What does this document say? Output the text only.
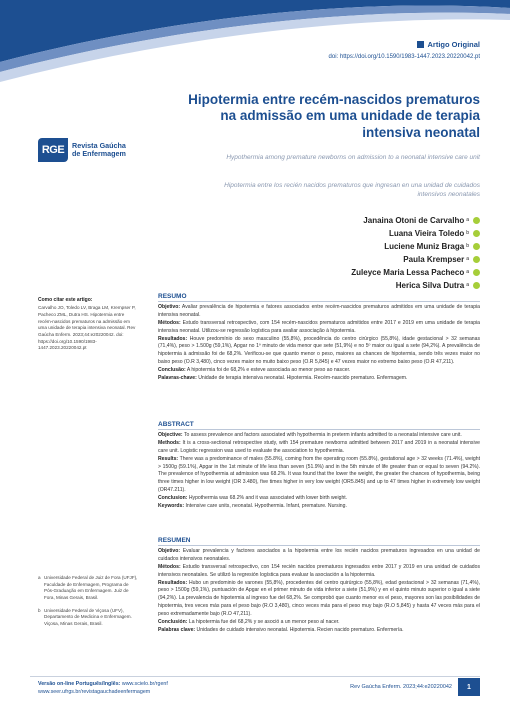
Artigo Original
doi: https://doi.org/10.1590/1983-1447.2023.20220042.pt
Hipotermia entre recém-nascidos prematuros na admissão em uma unidade de terapia intensiva neonatal
RGE	Revista Gaúcha
de Enfermagem	Hypothermia among premature newborns on admission to a neonatal intensive care unit
Hipotermia entre los recién nacidos prematuros que ingresan en una unidad de cuidados intensivos neonatales
Janaina Otoni de Carvalho a
Luana Vieira Toledo b
Luciene Muniz Braga b
Paula Krempser a
Zuleyce Maria Lessa Pacheco a
Herica Silva Dutra a
Como citar este artigo:
Carvalho JO, Toledo LV, Braga LM, Krempser P, Pacheco ZML, Dutra HS. Hipotermia entre recém-nascidos prematuros na admissão em uma unidade de terapia intensiva neonatal. Rev Gaúcha Enferm. 2023;44:e20220042. doi: https://doi.org/10.1590/1983-1447.2023.20220042.pt
a Universidade Federal de Juiz de Fora (UFJF), Faculdade de Enfermagem, Programa de Pós-Graduação em Enfermagem. Juiz de Fora, Minas Gerais, Brasil.
b Universidade Federal de Viçosa (UFV), Departamento de Medicina e Enfermagem. Viçosa, Minas Gerais, Brasil.
RESUMO

Objetivo: Avaliar prevalência de hipotermia e fatores associados entre recém-nascidos prematuros admitidos em uma unidade de terapia intensiva neonatal.

Métodos: Estudo transversal retrospectivo, com 154 recém-nascidos prematuros admitidos entre 2017 e 2019 em uma unidade de terapia intensiva neonatal. Utilizou-se regressão logística para avaliar associação à hipotermia.

Resultados: Houve predomínio do sexo masculino (55,8%), procedência do centro cirúrgico (55,8%), idade gestacional > 32 semanas (71,4%), peso > 1.500g (59,1%), Apgar no 1º minuto de vida menor que sete (51,9%) e no 5º maior ou igual a sete (94,2%). A prevalência de hipotermia à admissão foi de 68,2%. Verificou-se que quanto menor o peso, maiores as chances de hipotermia, sendo três vezes maior no baixo peso (O.R 3,480), cinco vezes maior no muito baixo peso (O.R 5,845) e 47 vezes maior no extremo baixo peso (O.R 47,211).

Conclusão: A hipotermia foi de 68,2% e esteve associada ao menor peso ao nascer.

Palavras-chave: Unidade de terapia intensiva neonatal. Hipotermia. Recém-nascido prematuro. Enfermagem.

ABSTRACT

Objective: To assess prevalence and factors associated with hypothermia in preterm infants admitted to a neonatal intensive care unit.

Methods: It is a cross-sectional retrospective study, with 154 premature newborns admitted between 2017 and 2019 in a neonatal intensive care unit. Logistic regression was used to evaluate the association to hypothermia.

Results: There was a predominance of males (55.8%), coming from the operating room (55.8%), gestational age > 32 weeks (71.4%), weight > 1500g (59.1%), Apgar in the 1st minute of life less than seven (51.9%) and in the 5th minute of life greater than or equal to seven (94.2%). The prevalence of hypothermia at admission was 68.2%. It was found that the lower the weight, the greater the chances of hypothermia, being three times higher in low weight (OR 3.480), five times higher in very low weight (OR5.845) and up to 47 times higher in extremely low weight (OR47.211).

Conclusion: Hypothermia was 68.2% and it was associated with lower birth weight.

Keywords: Intensive care units, neonatal. Hypothermia. Infant, premature. Nursing.

RESUMEN

Objetivo: Evaluar prevalencia y factores asociados a la hipotermia entre los recién nacidos prematuros ingresados en una unidad de cuidados intensivos neonatales.

Métodos: Estudio transversal retrospectivo, con 154 recién nacidos prematuros ingresados entre 2017 y 2019 en una unidad de cuidados intensivos neonatales. Se utilizó la regresión logística para evaluar la asociación a la hipotermia.

Resultados: Hubo un predominio de varones (55,8%), procedentes del centro quirúrgico (55,8%), edad gestacional > 32 semanas (71,4%), peso > 1500g (59,1%), puntuación de Apgar en el primer minuto de vida inferior a siete (51,9%) y en el quinto minuto superior o igual a siete (94,2%). La prevalencia de hipotermia al ingreso fue del 68,2%. Se comprobó que cuanto menor es el peso, mayores son las posibilidades de hipotermia, tres veces más para el peso bajo (R.O 3,480), cinco veces más para el peso muy bajo (R.O 5,845) y hasta 47 veces más para el peso extremadamente bajo (R.O 47,211).

Conclusión: La hipotermia fue del 68,2% y se asoció a un menor peso al nacer.

Palabras clave: Unidades de cuidado intensivo neonatal. Hipotermia. Recien nacido prematuro. Enfermería.

Versão on-line Português/Inglês: www.scielo.br/rgenf
www.seer.ufrgs.br/revistagauchadeenfermagem
Rev Gaúcha Enferm. 2023;44:e20220042	1
